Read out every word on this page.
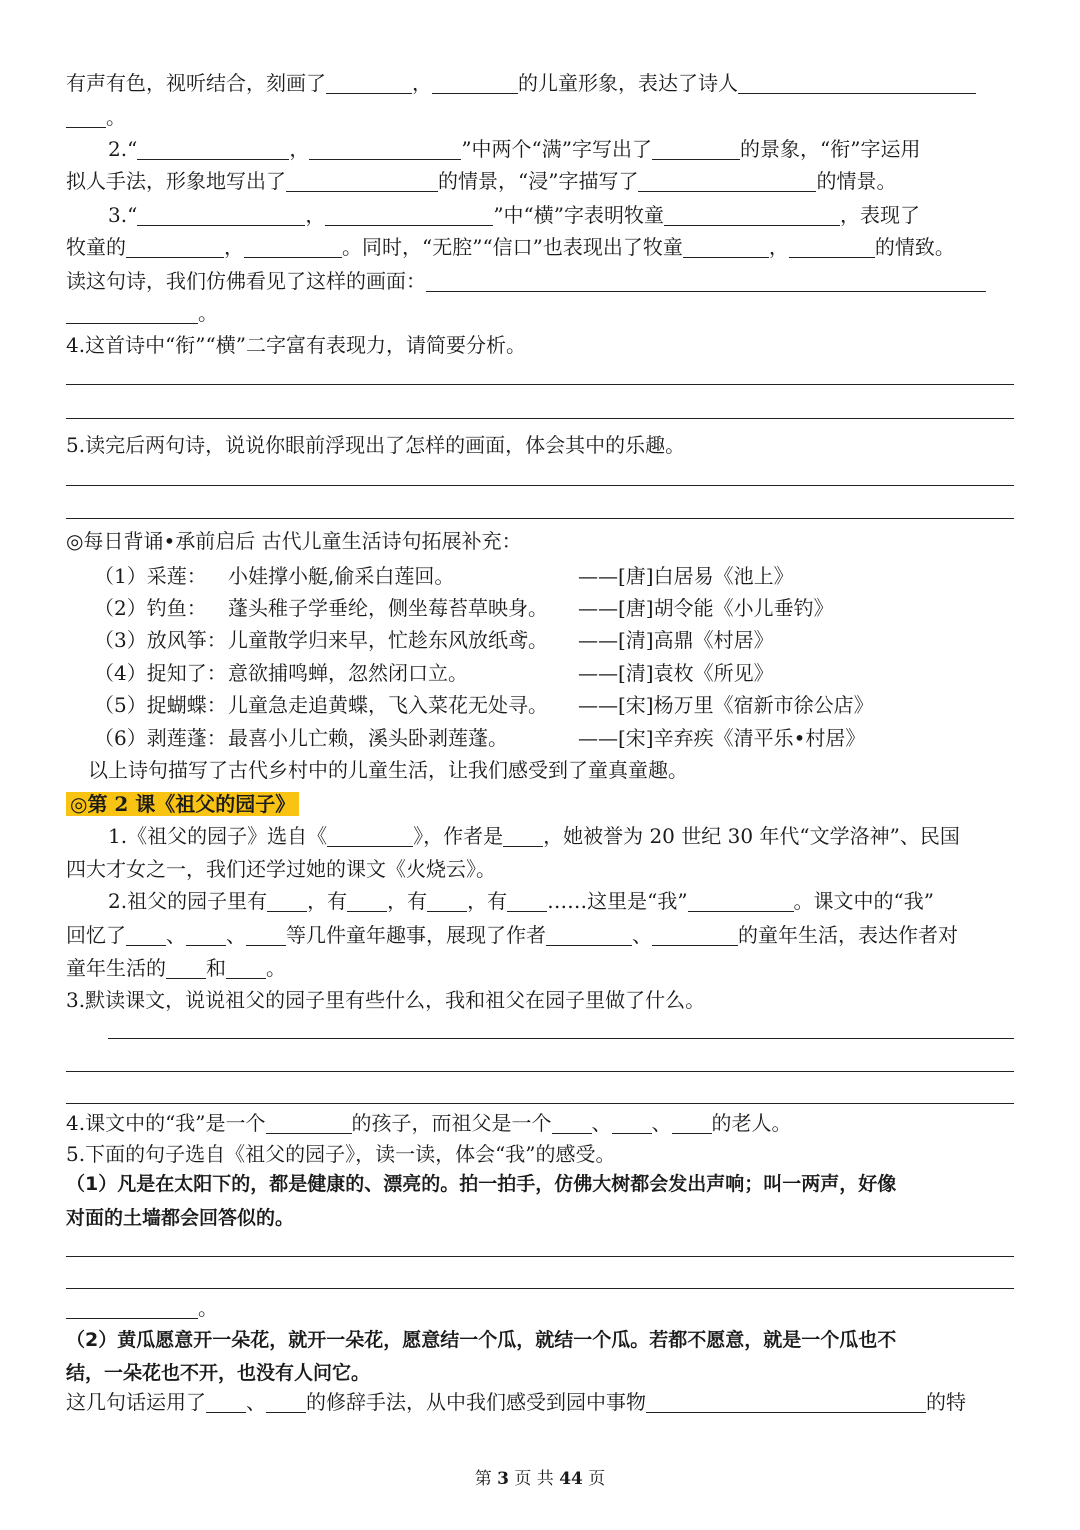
有声有色，视听结合，刻画了	，	的儿童形象，表达了诗人
。
2.“	，	”中两个“满”字写出了	的景象，“衔”字运用
拟人手法，形象地写出了	的情景，“浸”字描写了	的情景。
3.“	，	”中“横”字表明牧童	，表现了
牧童的	，	。同时，“无腔”“信口”也表现出了牧童	，	的情致。
读这句诗，我们仿佛看见了这样的画面：
。
4.这首诗中“衔”“横”二字富有表现力，请简要分析。
5.读完后两句诗，说说你眼前浮现出了怎样的画面，体会其中的乐趣。
◎每日背诵•承前启后 古代儿童生活诗句拓展补充：
（1）采莲： 小娃撑小艇,偷采白莲回。	——[唐]白居易《池上》
（2）钓鱼： 蓬头稚子学垂纶，侧坐莓苔草映身。 ——[唐]胡令能《小儿垂钓》
（3）放风筝： 儿童散学归来早，忙趁东风放纸鸢。 ——[清]高鼎《村居》
（4）捉知了： 意欲捕鸣蝉，忽然闭口立。	——[清]袁枚《所见》
（5）捉蝴蝶： 儿童急走追黄蝶，飞入菜花无处寻。 ——[宋]杨万里《宿新市徐公店》
（6）剥莲蓬： 最喜小儿亡赖，溪头卧剥莲蓬。	——[宋]辛弃疾《清平乐•村居》
以上诗句描写了古代乡村中的儿童生活，让我们感受到了童真童趣。
◎第 2 课《祖父的园子》
1.《祖父的园子》选自《	》，作者是 ，她被誉为 20 世纪 30 年代“文学洛神”、民国
四大才女之一，我们还学过她的课文《火烧云》。
2.祖父的园子里有 ，有 ，有 ，有 ……这里是“我”	。课文中的“我”
回忆了 、 、 等几件童年趣事，展现了作者	、	的童年生活，表达作者对
童年生活的 和 。
3.默读课文，说说祖父的园子里有些什么，我和祖父在园子里做了什么。
4.课文中的“我”是一个	的孩子，而祖父是一个 、 、 的老人。
5.下面的句子选自《祖父的园子》，读一读，体会“我”的感受。
（1）凡是在太阳下的，都是健康的、漂亮的。拍一拍手，仿佛大树都会发出声响；叫一两声，好像
对面的土墙都会回答似的。
。
（2）黄瓜愿意开一朵花，就开一朵花，愿意结一个瓜，就结一个瓜。若都不愿意，就是一个瓜也不
结，一朵花也不开，也没有人问它。
这几句话运用了 、 的修辞手法，从中我们感受到园中事物	的特
第 3 页 共 44 页
